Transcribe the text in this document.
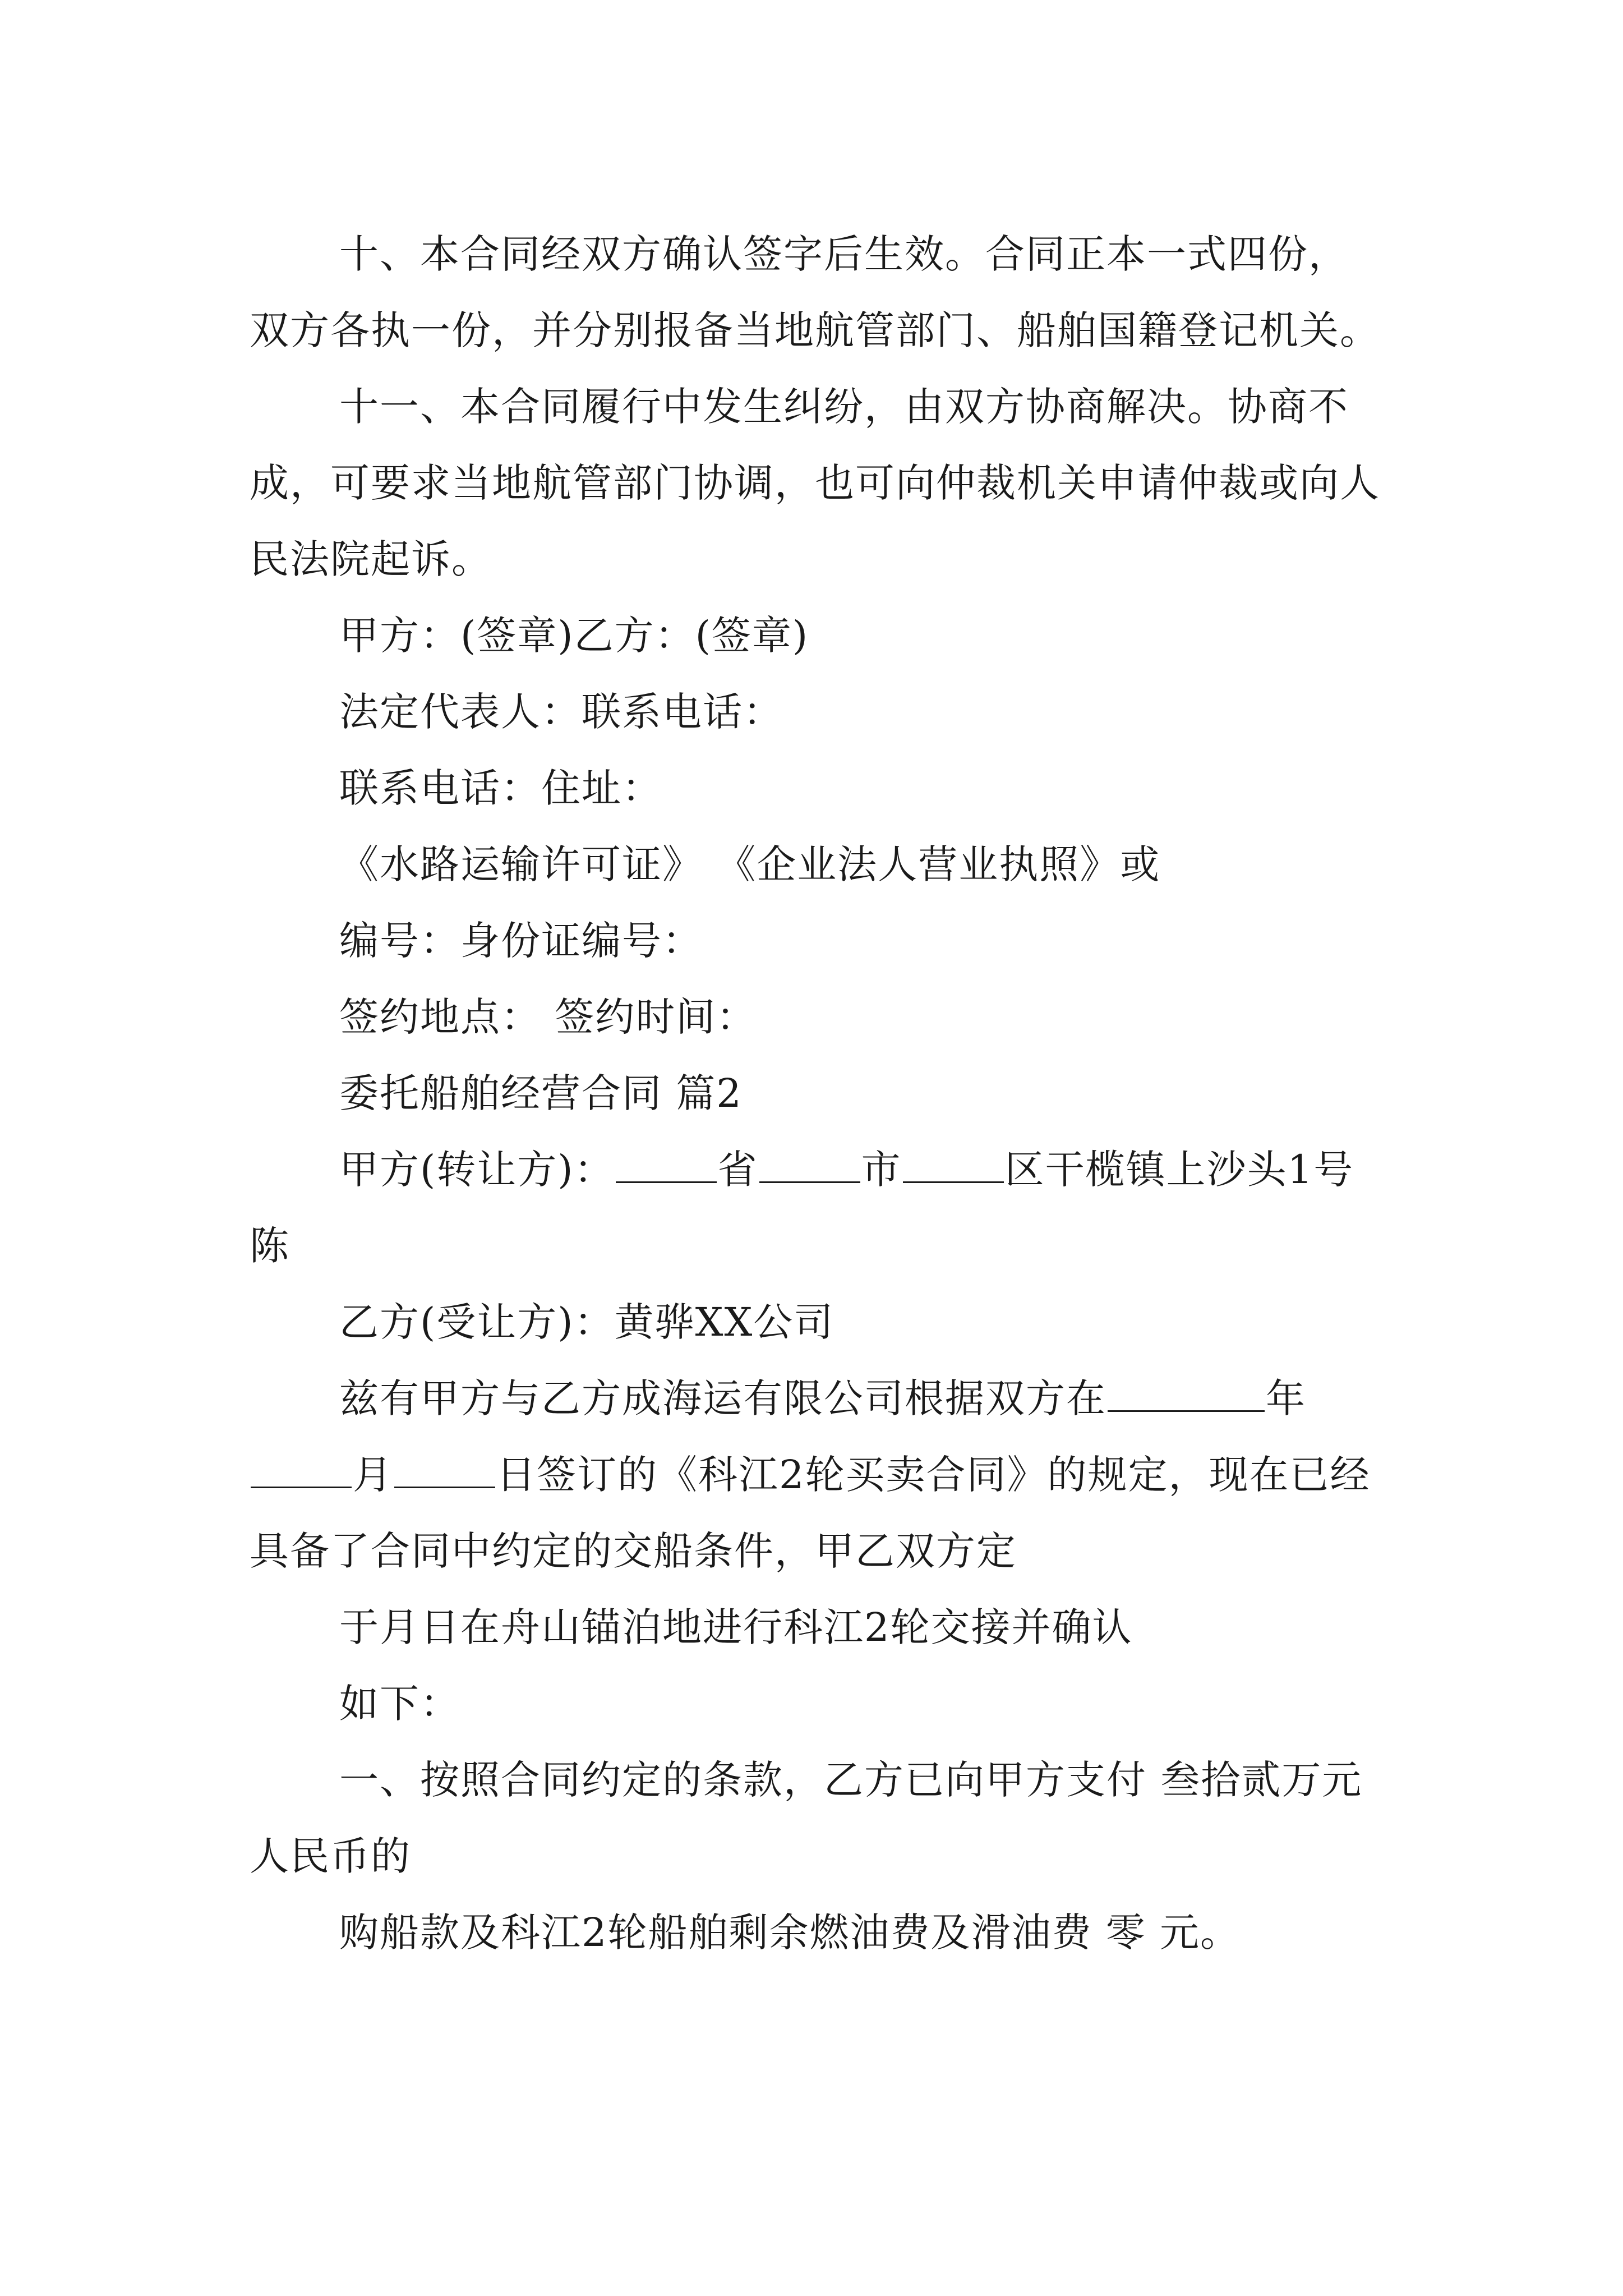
十、本合同经双方确认签字后生效。合同正本一式四份，双方各执一份，并分别报备当地航管部门、船舶国籍登记机关。

十一、本合同履行中发生纠纷，由双方协商解决。协商不成，可要求当地航管部门协调，也可向仲裁机关申请仲裁或向人民法院起诉。

甲方：(签章)乙方：(签章)

法定代表人：联系电话：

联系电话：住址：

《水路运输许可证》 《企业法人营业执照》或

编号：身份证编号：

签约地点： 签约时间：

委托船舶经营合同 篇2

甲方(转让方)：	省	市	区干榄镇上沙头1号陈

乙方(受让方)：黄骅XX公司

兹有甲方与乙方成海运有限公司根据双方在	年月	日签订的《科江2轮买卖合同》的规定，现在已经具备了合同中约定的交船条件，甲乙双方定

于月日在舟山锚泊地进行科江2轮交接并确认

如下：

一、按照合同约定的条款，乙方已向甲方支付 叁拾贰万元人民币的

购船款及科江2轮船舶剩余燃油费及滑油费 零 元。
